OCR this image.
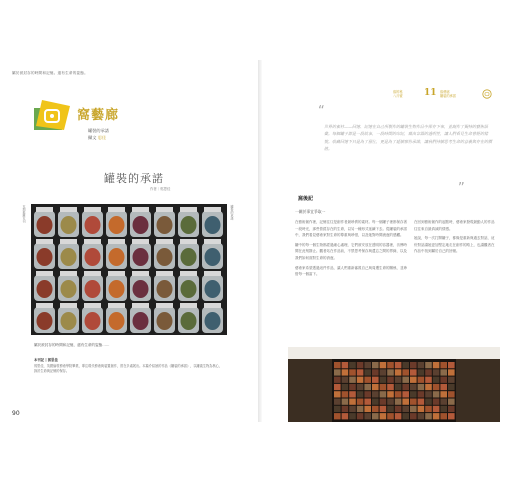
屬於被封存的時間和記憶。還有生命的姿態。
窩藝廊
罐裝的承諾
攝文 思佳
罐裝的承諾
作者｜郭思佳
本期推薦本刊	罐裝的承諾
屬於被封存的時間和記憶，還有生命的姿態……
本刊記 | 郭思佳
郭思佳，英國倫敦藝術學院畢業，專注現代藝術與裝置創作，曾在多處展出。本篇介紹她的作品《罐裝的承諾》，以罐裝生物為核心，探討生命與記憶的保存。
90
窩的秘
八月號 11 窩藝廊
罐裝的承諾
“
世界的素材——回憶、記憶在自己所製作的罐裝生物作品中保存下來，並創作了獨特的藝術語彙。每個罐子都是一段故事，一段時間的印記，藉由容器的透明性，讓人們看見生命曾經的樣貌。收藏回憶不只是為了留住，更是為了延續那份承諾，讓我們持續思考生命的意義與存在的價值。
”
窩後記
一關於事宜爭取一

在藝術創作裡，記憶往往是創作者最珍貴的素材。每一個罐子裡都保存著一段時光，那些曾經存在的生命，以另一種形式延續下去。從罐裝的承諾中，我們看見藝術家對生命的尊重與珍惜，以及她對時間流逝的感觸。

罐中的每一個生物都經過細心處理，它們被安放在透明的容器裡，彷彿時間在此刻靜止。觀者站在作品前，不禁思考保存與遺忘之間的界線，以及我們如何面對生命的消逝。

藝術家希望透過這件作品，讓人們重新審視自己與周遭生命的關係，並珍惜每一個當下。

在回到藝術創作的起點時，藝術家發現最動人的作品往往來自最真誠的情感。

她說，每一次打開罐子，都像是重新與過去對話，這份對話讓她更加堅定地走在創作的路上，也讓觀者在作品中找到屬於自己的回憶。
